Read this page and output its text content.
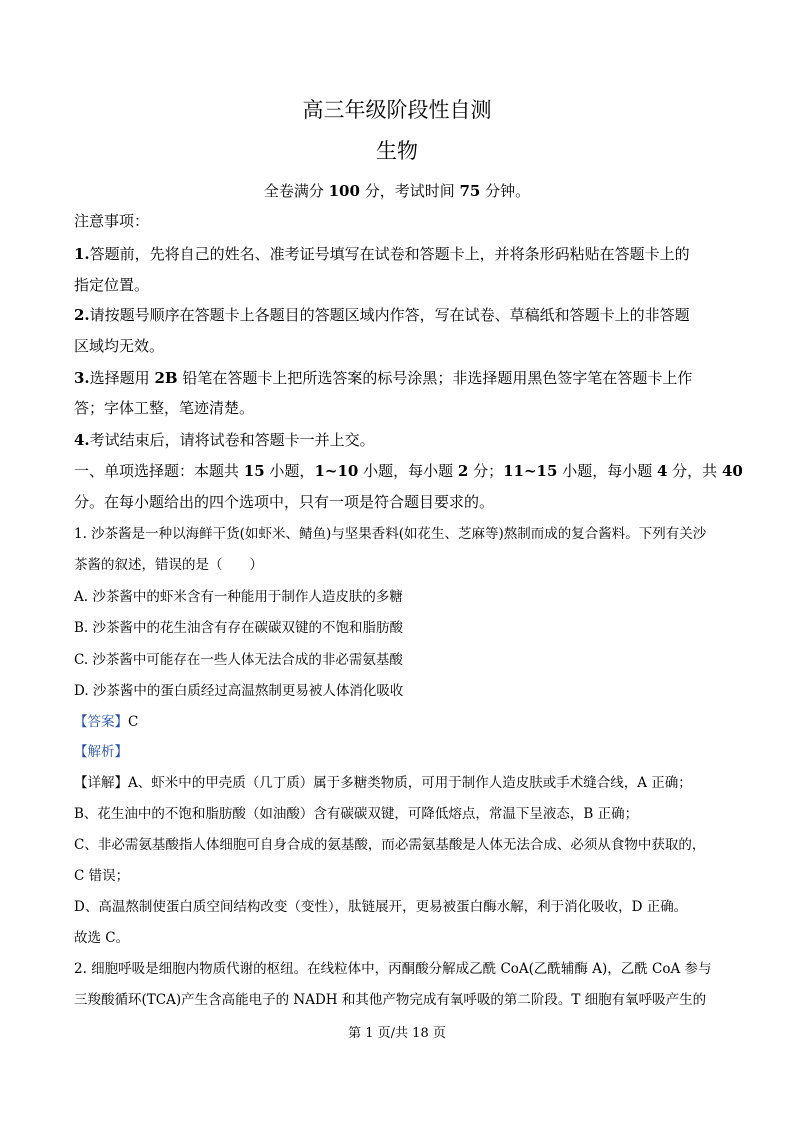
高三年级阶段性自测
生物
全卷满分 100 分，考试时间 75 分钟。
注意事项：
1.答题前，先将自己的姓名、准考证号填写在试卷和答题卡上，并将条形码粘贴在答题卡上的
指定位置。
2.请按题号顺序在答题卡上各题目的答题区域内作答，写在试卷、草稿纸和答题卡上的非答题
区域均无效。
3.选择题用 2B 铅笔在答题卡上把所选答案的标号涂黑；非选择题用黑色签字笔在答题卡上作
答；字体工整，笔迹清楚。
4.考试结束后，请将试卷和答题卡一并上交。
一、单项选择题：本题共 15 小题，1~10 小题，每小题 2 分；11~15 小题，每小题 4 分，共 40
分。在每小题给出的四个选项中，只有一项是符合题目要求的。
1. 沙茶酱是一种以海鲜干货(如虾米、鲭鱼)与坚果香料(如花生、芝麻等)熬制而成的复合酱料。下列有关沙
茶酱的叙述，错误的是（　　）
A. 沙茶酱中的虾米含有一种能用于制作人造皮肤的多糖
B. 沙茶酱中的花生油含有存在碳碳双键的不饱和脂肪酸
C. 沙茶酱中可能存在一些人体无法合成的非必需氨基酸
D. 沙茶酱中的蛋白质经过高温熬制更易被人体消化吸收
【答案】C
【解析】
【详解】A、虾米中的甲壳质（几丁质）属于多糖类物质，可用于制作人造皮肤或手术缝合线，A 正确；
B、花生油中的不饱和脂肪酸（如油酸）含有碳碳双键，可降低熔点，常温下呈液态，B 正确；
C、非必需氨基酸指人体细胞可自身合成的氨基酸，而必需氨基酸是人体无法合成、必须从食物中获取的，
C 错误；
D、高温熬制使蛋白质空间结构改变（变性），肽链展开，更易被蛋白酶水解，利于消化吸收，D 正确。
故选 C。
2. 细胞呼吸是细胞内物质代谢的枢纽。在线粒体中，丙酮酸分解成乙酰 CoA(乙酰辅酶 A)，乙酰 CoA 参与
三羧酸循环(TCA)产生含高能电子的 NADH 和其他产物完成有氧呼吸的第二阶段。T 细胞有氧呼吸产生的
第 1 页/共 18 页
